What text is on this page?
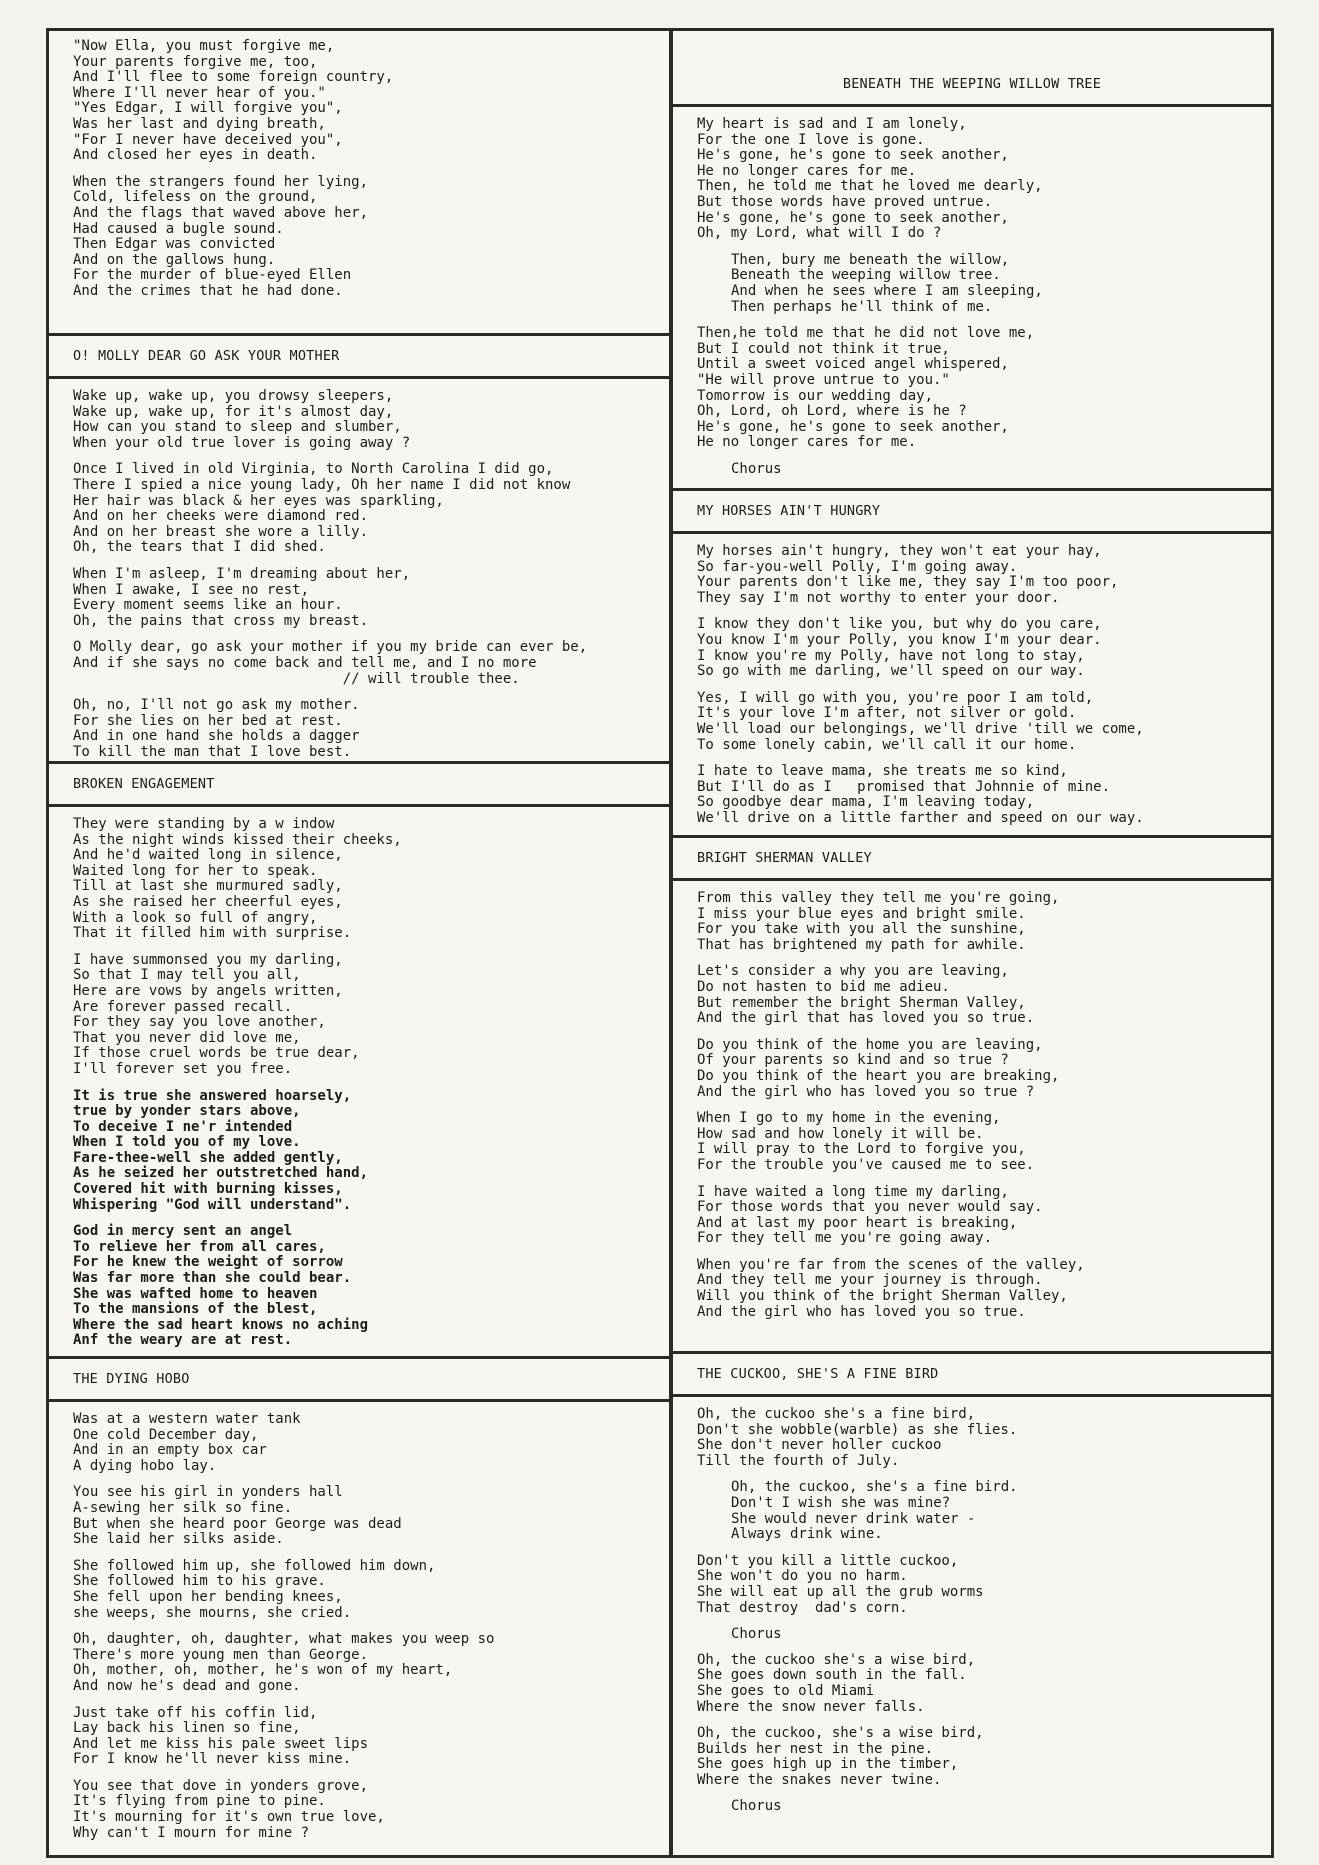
"Now Ella, you must forgive me,
Your parents forgive me, too,
And I'll flee to some foreign country,
Where I'll never hear of you."
"Yes Edgar, I will forgive you",
Was her last and dying breath,
"For I never have deceived you",
And closed her eyes in death.
When the strangers found her lying,
Cold, lifeless on the ground,
And the flags that waved above her,
Had caused a bugle sound.
Then Edgar was convicted
And on the gallows hung.
For the murder of blue-eyed Ellen
And the crimes that he had done.
O! MOLLY DEAR GO ASK YOUR MOTHER
Wake up, wake up, you drowsy sleepers,
Wake up, wake up, for it's almost day,
How can you stand to sleep and slumber,
When your old true lover is going away ?
Once I lived in old Virginia, to North Carolina I did go,
There I spied a nice young lady, Oh her name I did not know
Her hair was black & her eyes was sparkling,
And on her cheeks were diamond red.
And on her breast she wore a lilly.
Oh, the tears that I did shed.
When I'm asleep, I'm dreaming about her,
When I awake, I see no rest,
Every moment seems like an hour.
Oh, the pains that cross my breast.
O Molly dear, go ask your mother if you my bride can ever be,
And if she says no come back and tell me, and I no more
// will trouble thee.
Oh, no, I'll not go ask my mother.
For she lies on her bed at rest.
And in one hand she holds a dagger
To kill the man that I love best.
BROKEN ENGAGEMENT
They were standing by a w indow
As the night winds kissed their cheeks,
And he'd waited long in silence,
Waited long for her to speak.
Till at last she murmured sadly,
As she raised her cheerful eyes,
With a look so full of angry,
That it filled him with surprise.
I have summonsed you my darling,
So that I may tell you all,
Here are vows by angels written,
Are forever passed recall.
For they say you love another,
That you never did love me,
If those cruel words be true dear,
I'll forever set you free.
It is true she answered hoarsely,
true by yonder stars above,
To deceive I ne'r intended
When I told you of my love.
Fare-thee-well she added gently,
As he seized her outstretched hand,
Covered hit with burning kisses,
Whispering "God will understand".
God in mercy sent an angel
To relieve her from all cares,
For he knew the weight of sorrow
Was far more than she could bear.
She was wafted home to heaven
To the mansions of the blest,
Where the sad heart knows no aching
Anf the weary are at rest.
THE DYING HOBO
Was at a western water tank
One cold December day,
And in an empty box car
A dying hobo lay.
You see his girl in yonders hall
A-sewing her silk so fine.
But when she heard poor George was dead
She laid her silks aside.
She followed him up, she followed him down,
She followed him to his grave.
She fell upon her bending knees,
she weeps, she mourns, she cried.
Oh, daughter, oh, daughter, what makes you weep so
There's more young men than George.
Oh, mother, oh, mother, he's won of my heart,
And now he's dead and gone.
Just take off his coffin lid,
Lay back his linen so fine,
And let me kiss his pale sweet lips
For I know he'll never kiss mine.
You see that dove in yonders grove,
It's flying from pine to pine.
It's mourning for it's own true love,
Why can't I mourn for mine ?
BENEATH THE WEEPING WILLOW TREE
My heart is sad and I am lonely,
For the one I love is gone.
He's gone, he's gone to seek another,
He no longer cares for me.
Then, he told me that he loved me dearly,
But those words have proved untrue.
He's gone, he's gone to seek another,
Oh, my Lord, what will I do ?
Then, bury me beneath the willow,
Beneath the weeping willow tree.
And when he sees where I am sleeping,
Then perhaps he'll think of me.
Then,he told me that he did not love me,
But I could not think it true,
Until a sweet voiced angel whispered,
"He will prove untrue to you."
Tomorrow is our wedding day,
Oh, Lord, oh Lord, where is he ?
He's gone, he's gone to seek another,
He no longer cares for me.
Chorus
MY HORSES AIN'T HUNGRY
My horses ain't hungry, they won't eat your hay,
So far-you-well Polly, I'm going away.
Your parents don't like me, they say I'm too poor,
They say I'm not worthy to enter your door.
I know they don't like you, but why do you care,
You know I'm your Polly, you know I'm your dear.
I know you're my Polly, have not long to stay,
So go with me darling, we'll speed on our way.
Yes, I will go with you, you're poor I am told,
It's your love I'm after, not silver or gold.
We'll load our belongings, we'll drive 'till we come,
To some lonely cabin, we'll call it our home.
I hate to leave mama, she treats me so kind,
But I'll do as I   promised that Johnnie of mine.
So goodbye dear mama, I'm leaving today,
We'll drive on a little farther and speed on our way.
BRIGHT SHERMAN VALLEY
From this valley they tell me you're going,
I miss your blue eyes and bright smile.
For you take with you all the sunshine,
That has brightened my path for awhile.
Let's consider a why you are leaving,
Do not hasten to bid me adieu.
But remember the bright Sherman Valley,
And the girl that has loved you so true.
Do you think of the home you are leaving,
Of your parents so kind and so true ?
Do you think of the heart you are breaking,
And the girl who has loved you so true ?
When I go to my home in the evening,
How sad and how lonely it will be.
I will pray to the Lord to forgive you,
For the trouble you've caused me to see.
I have waited a long time my darling,
For those words that you never would say.
And at last my poor heart is breaking,
For they tell me you're going away.
When you're far from the scenes of the valley,
And they tell me your journey is through.
Will you think of the bright Sherman Valley,
And the girl who has loved you so true.
THE CUCKOO, SHE'S A FINE BIRD
Oh, the cuckoo she's a fine bird,
Don't she wobble(warble) as she flies.
She don't never holler cuckoo
Till the fourth of July.
Oh, the cuckoo, she's a fine bird.
Don't I wish she was mine?
She would never drink water -
Always drink wine.
Don't you kill a little cuckoo,
She won't do you no harm.
She will eat up all the grub worms
That destroy  dad's corn.
Chorus
Oh, the cuckoo she's a wise bird,
She goes down south in the fall.
She goes to old Miami
Where the snow never falls.
Oh, the cuckoo, she's a wise bird,
Builds her nest in the pine.
She goes high up in the timber,
Where the snakes never twine.
Chorus
